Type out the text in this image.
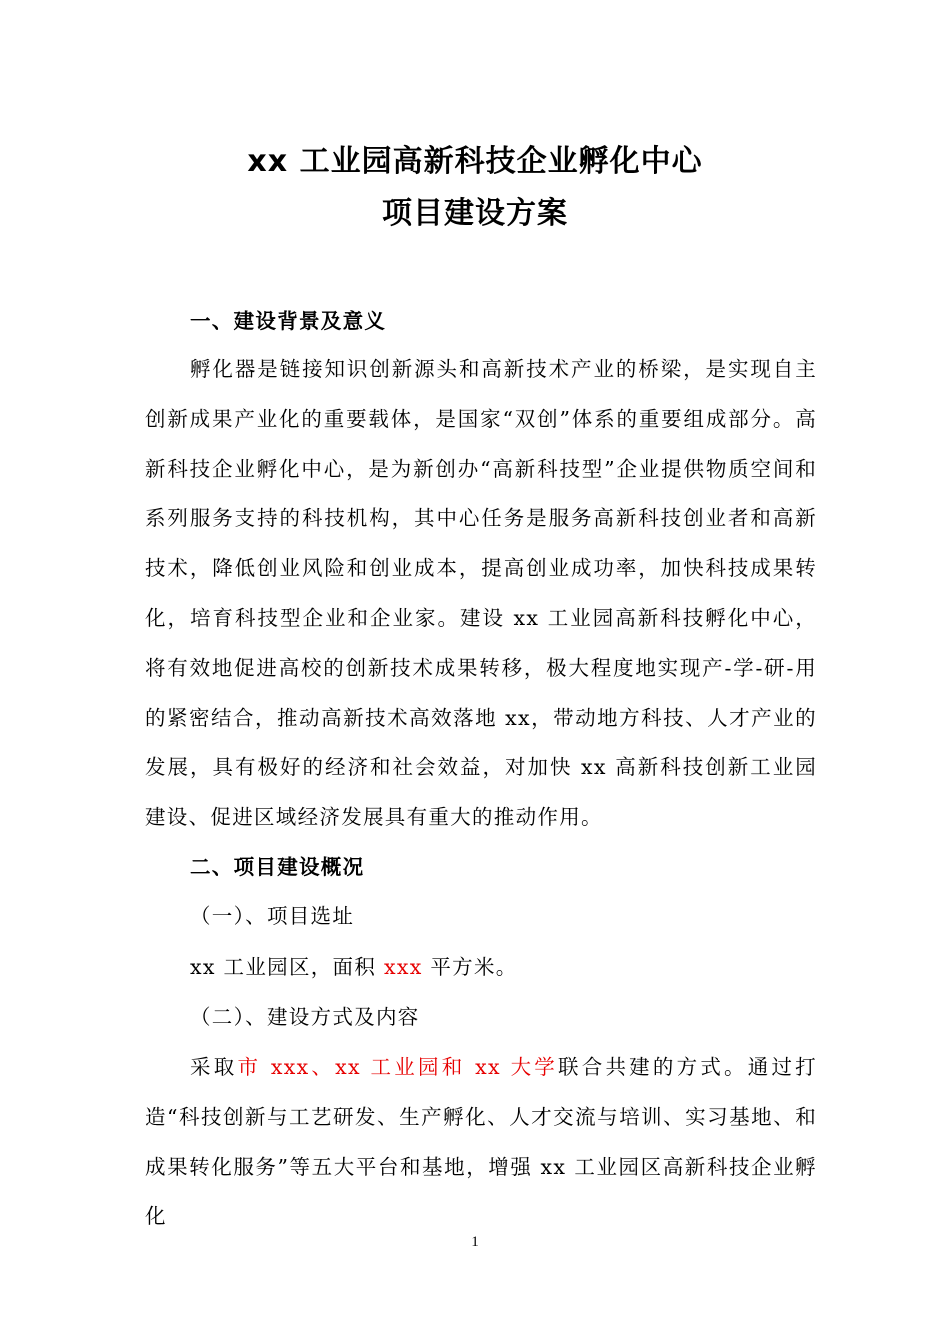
xx 工业园高新科技企业孵化中心
项目建设方案
一、建设背景及意义
孵化器是链接知识创新源头和高新技术产业的桥梁，是实现自主创新成果产业化的重要载体，是国家“双创”体系的重要组成部分。高新科技企业孵化中心，是为新创办“高新科技型”企业提供物质空间和系列服务支持的科技机构，其中心任务是服务高新科技创业者和高新技术，降低创业风险和创业成本，提高创业成功率，加快科技成果转化，培育科技型企业和企业家。建设 xx 工业园高新科技孵化中心，将有效地促进高校的创新技术成果转移，极大程度地实现产-学-研-用的紧密结合，推动高新技术高效落地 xx，带动地方科技、人才产业的发展，具有极好的经济和社会效益，对加快 xx 高新科技创新工业园建设、促进区域经济发展具有重大的推动作用。
二、项目建设概况
（一）、项目选址
xx 工业园区，面积 xxx 平方米。
（二）、建设方式及内容
采取市 xxx、xx 工业园和 xx 大学联合共建的方式。通过打造“科技创新与工艺研发、生产孵化、人才交流与培训、实习基地、和成果转化服务”等五大平台和基地，增强 xx 工业园区高新科技企业孵化
1
